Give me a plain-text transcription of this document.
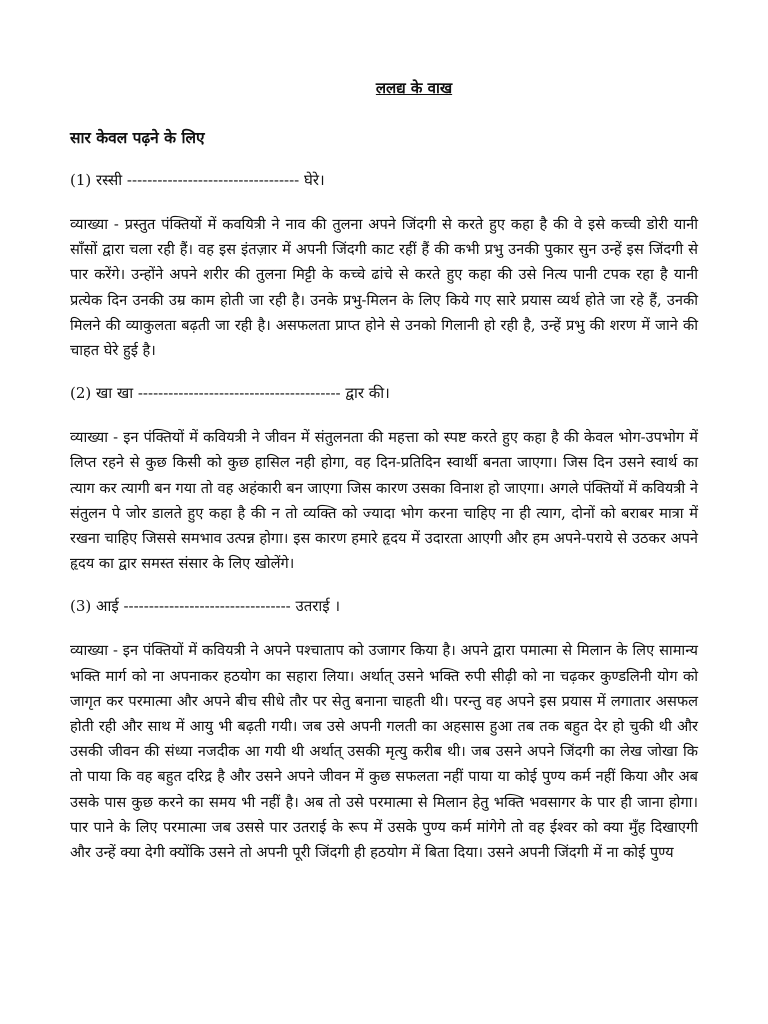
ललद्य के वाख
सार केवल पढ़ने के लिए
(1) रस्सी ---------------------------------- घेरे।

व्याख्या - प्रस्तुत पंक्तियों में कवयित्री ने नाव की तुलना अपने जिंदगी से करते हुए कहा है की वे इसे कच्ची डोरी यानी साँसों द्वारा चला रही हैं। वह इस इंतज़ार में अपनी जिंदगी काट रहीं हैं की कभी प्रभु उनकी पुकार सुन उन्हें इस जिंदगी से पार करेंगे। उन्होंने अपने शरीर की तुलना मिट्टी के कच्चे ढांचे से करते हुए कहा की उसे नित्य पानी टपक रहा है यानी प्रत्येक दिन उनकी उम्र काम होती जा रही है। उनके प्रभु-मिलन के लिए किये गए सारे प्रयास व्यर्थ होते जा रहे हैं, उनकी मिलने की व्याकुलता बढ़ती जा रही है। असफलता प्राप्त होने से उनको गिलानी हो रही है, उन्हें प्रभु की शरण में जाने की चाहत घेरे हुई है।

(2) खा खा ---------------------------------------- द्वार की।

व्याख्या - इन पंक्तियों में कवियत्री ने जीवन में संतुलनता की महत्ता को स्पष्ट करते हुए कहा है की केवल भोग-उपभोग में लिप्त रहने से कुछ किसी को कुछ हासिल नही होगा, वह दिन-प्रतिदिन स्वार्थी बनता जाएगा। जिस दिन उसने स्वार्थ का त्याग कर त्यागी बन गया तो वह अहंकारी बन जाएगा जिस कारण उसका विनाश हो जाएगा। अगले पंक्तियों में कवियत्री ने संतुलन पे जोर डालते हुए कहा है की न तो व्यक्ति को ज्यादा भोग करना चाहिए ना ही त्याग, दोनों को बराबर मात्रा में रखना चाहिए जिससे समभाव उत्पन्न होगा। इस कारण हमारे हृदय में उदारता आएगी और हम अपने-पराये से उठकर अपने हृदय का द्वार समस्त संसार के लिए खोलेंगे।

(3) आई --------------------------------- उतराई ।

व्याख्या - इन पंक्तियों में कवियत्री ने अपने पश्चाताप को उजागर किया है। अपने द्वारा पमात्मा से मिलान के लिए सामान्य भक्ति मार्ग को ना अपनाकर हठयोग का सहारा लिया। अर्थात् उसने भक्ति रुपी सीढ़ी को ना चढ़कर कुण्डलिनी योग को जागृत कर परमात्मा और अपने बीच सीधे तौर पर सेतु बनाना चाहती थी। परन्तु वह अपने इस प्रयास में लगातार असफल होती रही और साथ में आयु भी बढ़ती गयी। जब उसे अपनी गलती का अहसास हुआ तब तक बहुत देर हो चुकी थी और उसकी जीवन की संध्या नजदीक आ गयी थी अर्थात् उसकी मृत्यु करीब थी। जब उसने अपने जिंदगी का लेख जोखा कि तो पाया कि वह बहुत दरिद्र है और उसने अपने जीवन में कुछ सफलता नहीं पाया या कोई पुण्य कर्म नहीं किया और अब उसके पास कुछ करने का समय भी नहीं है। अब तो उसे परमात्मा से मिलान हेतु भक्ति भवसागर के पार ही जाना होगा। पार पाने के लिए परमात्मा जब उससे पार उतराई के रूप में उसके पुण्य कर्म मांगेगे तो वह ईश्वर को क्या मुँह दिखाएगी और उन्हें क्या देगी क्योंकि उसने तो अपनी पूरी जिंदगी ही हठयोग में बिता दिया। उसने अपनी जिंदगी में ना कोई पुण्य
